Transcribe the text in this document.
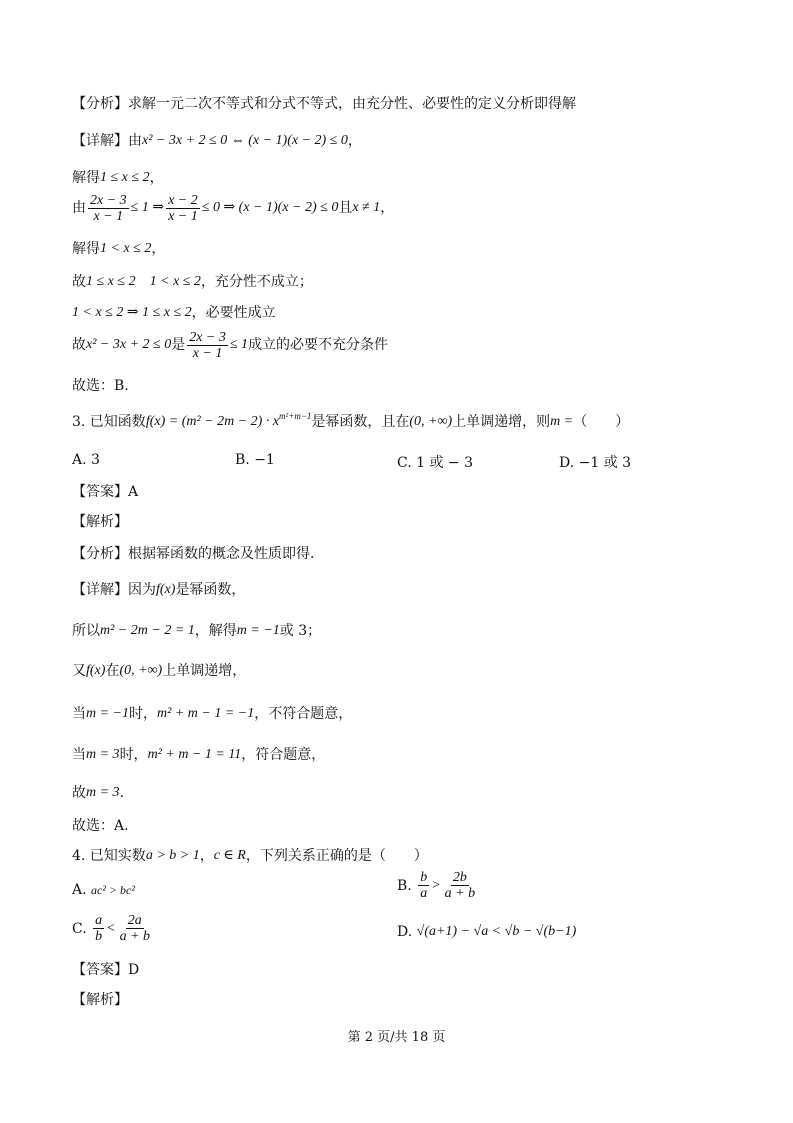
【分析】求解一元二次不等式和分式不等式，由充分性、必要性的定义分析即得解
【详解】由 x² − 3x + 2 ≤ 0 ⇔ (x − 1)(x − 2) ≤ 0 ，
解得 1 ≤ x ≤ 2 ，
由 $\frac{2x - 3}{x - 1} \le 1$ ⇒ $\frac{x - 2}{x - 1} \le 0$ ⇒ (x − 1)(x − 2) ≤ 0 且 x ≠ 1 ，
解得 1 < x ≤ 2 ，
故 1 ≤ x ≤ 2    1 < x ≤ 2 ，充分性不成立；
1 < x ≤ 2 ⇒ 1 ≤ x ≤ 2 ，必要性成立
故 x² − 3x + 2 ≤ 0 是 $\frac{2x - 3}{x - 1} \le 1$ 成立的必要不充分条件
故选：B.
3. 已知函数 $f(x) = (m^2 - 2m - 2) \cdot x^{m^2+m-1}$ 是幂函数，且在 (0, +∞) 上单调递增，则 m = （　　）
A. 3	B. −1	C. 1 或 − 3	D. −1 或 3
【答案】A
【解析】
【分析】根据幂函数的概念及性质即得.
【详解】因为 f(x) 是幂函数，
所以 m² − 2m − 2 = 1 ，解得 m = −1 或 3；
又 f(x) 在 (0, +∞) 上单调递增，
当 m = −1 时， m² + m − 1 = −1 ，不符合题意，
当 m = 3 时， m² + m − 1 = 11 ，符合题意，
故 m = 3 .
故选：A.
4. 已知实数 a > b > 1 ， c ∈ R ，下列关系正确的是（　　）
A.
ac² > bc²	B.
$\frac{b}{a} > \frac{2b}{a + b}$
C.
$\frac{a}{b} < \frac{2a}{a + b}$	D.
√(a+1) − √a < √b − √(b−1)
【答案】D
【解析】
第 2 页/共 18 页
